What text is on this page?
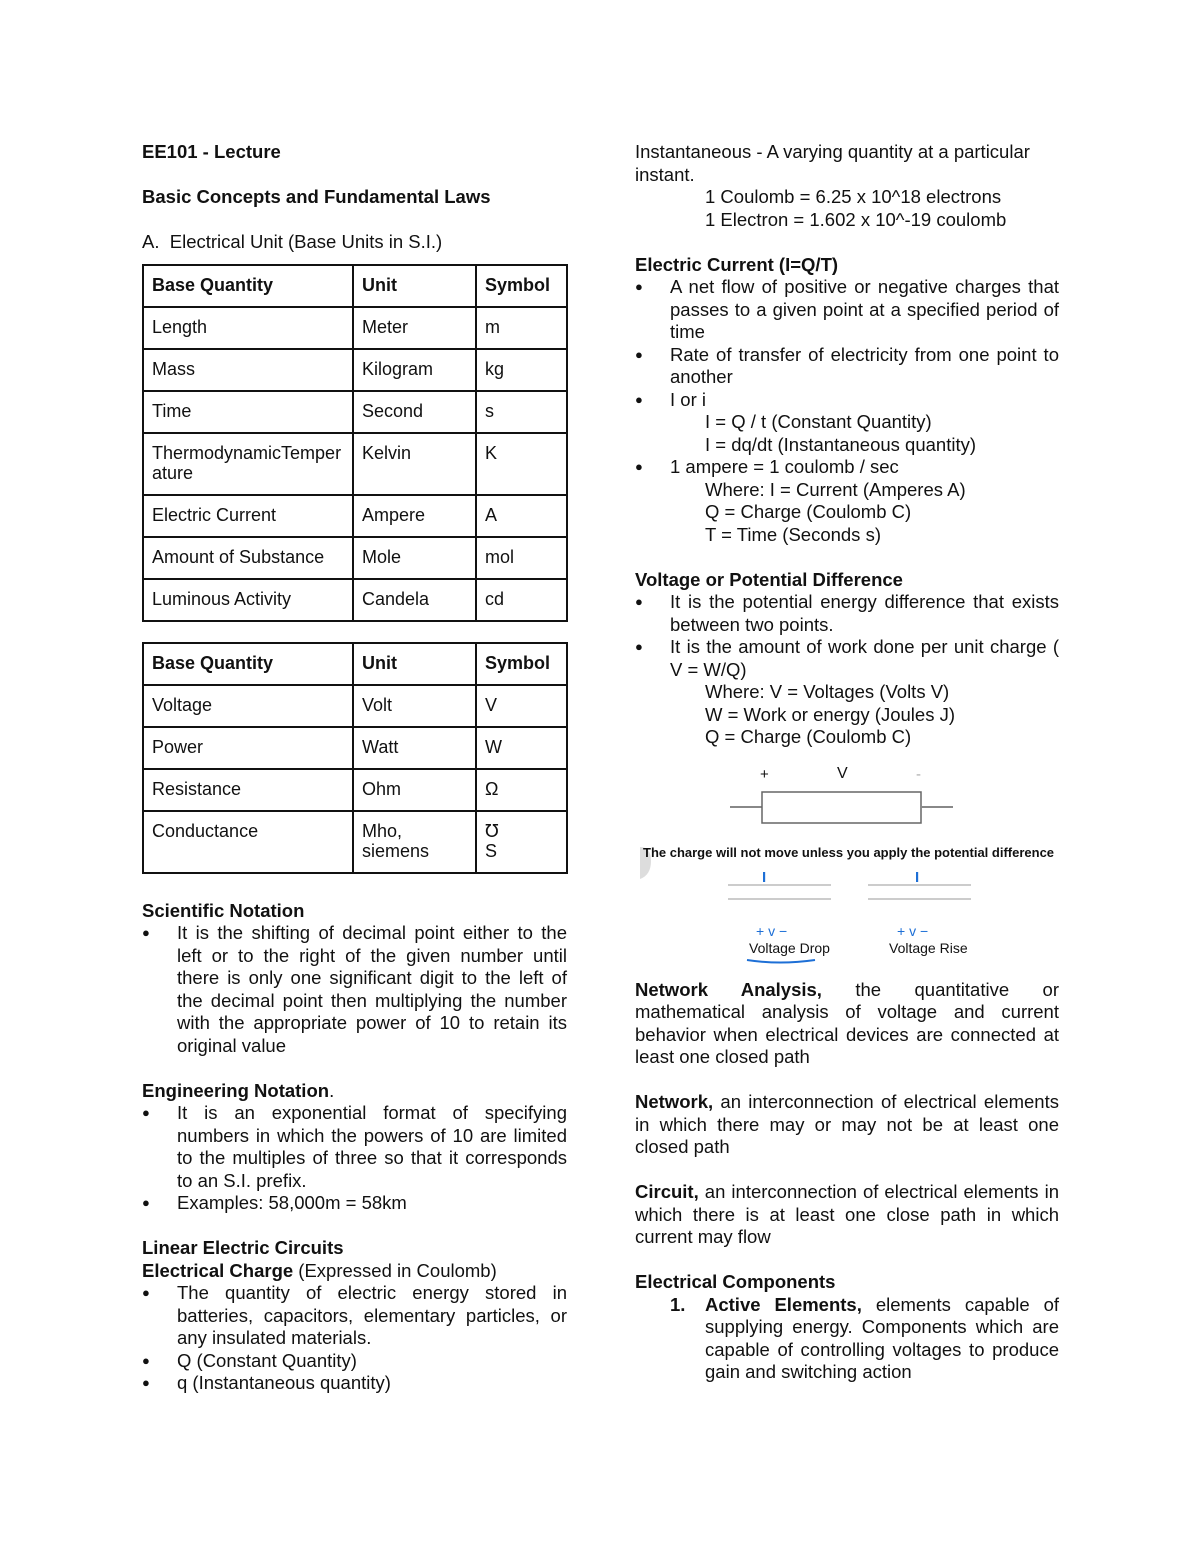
EE101 - Lecture

Basic Concepts and Fundamental Laws

A. Electrical Unit (Base Units in S.I.)

Base Quantity	Unit	Symbol
Length	Meter	m
Mass	Kilogram	kg
Time	Second	s
ThermodynamicTemper ature	Kelvin	K
Electric Current	Ampere	A
Amount of Substance	Mole	mol
Luminous Activity	Candela	cd
Base Quantity	Unit	Symbol
Voltage	Volt	V
Power	Watt	W
Resistance	Ohm	Ω
Conductance	Mho, siemens	℧ S

Scientific Notation

● It is the shifting of decimal point either to the left or to the right of the given number until there is only one significant digit to the left of the decimal point then multiplying the number with the appropriate power of 10 to retain its original value

Engineering Notation.

● It is an exponential format of specifying numbers in which the powers of 10 are limited to the multiples of three so that it corresponds to an S.I. prefix.
● Examples: 58,000m = 58km

Linear Electric Circuits

Electrical Charge (Expressed in Coulomb)

● The quantity of electric energy stored in batteries, capacitors, elementary particles, or any insulated materials.
● Q (Constant Quantity)
● q (Instantaneous quantity)

Instantaneous - A varying quantity at a particular instant.

1 Coulomb = 6.25 x 10^18 electrons

1 Electron = 1.602 x 10^-19 coulomb

Electric Current (I=Q/T)

● A net flow of positive or negative charges that passes to a given point at a specified period of time
● Rate of transfer of electricity from one point to another
● I or i
I = Q / t (Constant Quantity)
I = dq/dt (Instantaneous quantity)
● 1 ampere = 1 coulomb / sec
Where: I = Current (Amperes A)
Q = Charge (Coulomb C)
T = Time (Seconds s)

Voltage or Potential Difference

● It is the potential energy difference that exists between two points.
● It is the amount of work done per unit charge ( V = W/Q)
Where: V = Voltages (Volts V)
W = Work or energy (Joules J)
Q = Charge (Coulomb C)
+	V	-
The charge will not move unless you apply the potential difference
I	I
+ v −	+ v −
Voltage Drop	Voltage Rise

Network Analysis, the quantitative or mathematical analysis of voltage and current behavior when electrical devices are connected at least one closed path

Network, an interconnection of electrical elements in which there may or may not be at least one closed path

Circuit, an interconnection of electrical elements in which there is at least one close path in which current may flow

Electrical Components

1. Active Elements, elements capable of supplying energy. Components which are capable of controlling voltages to produce gain and switching action
